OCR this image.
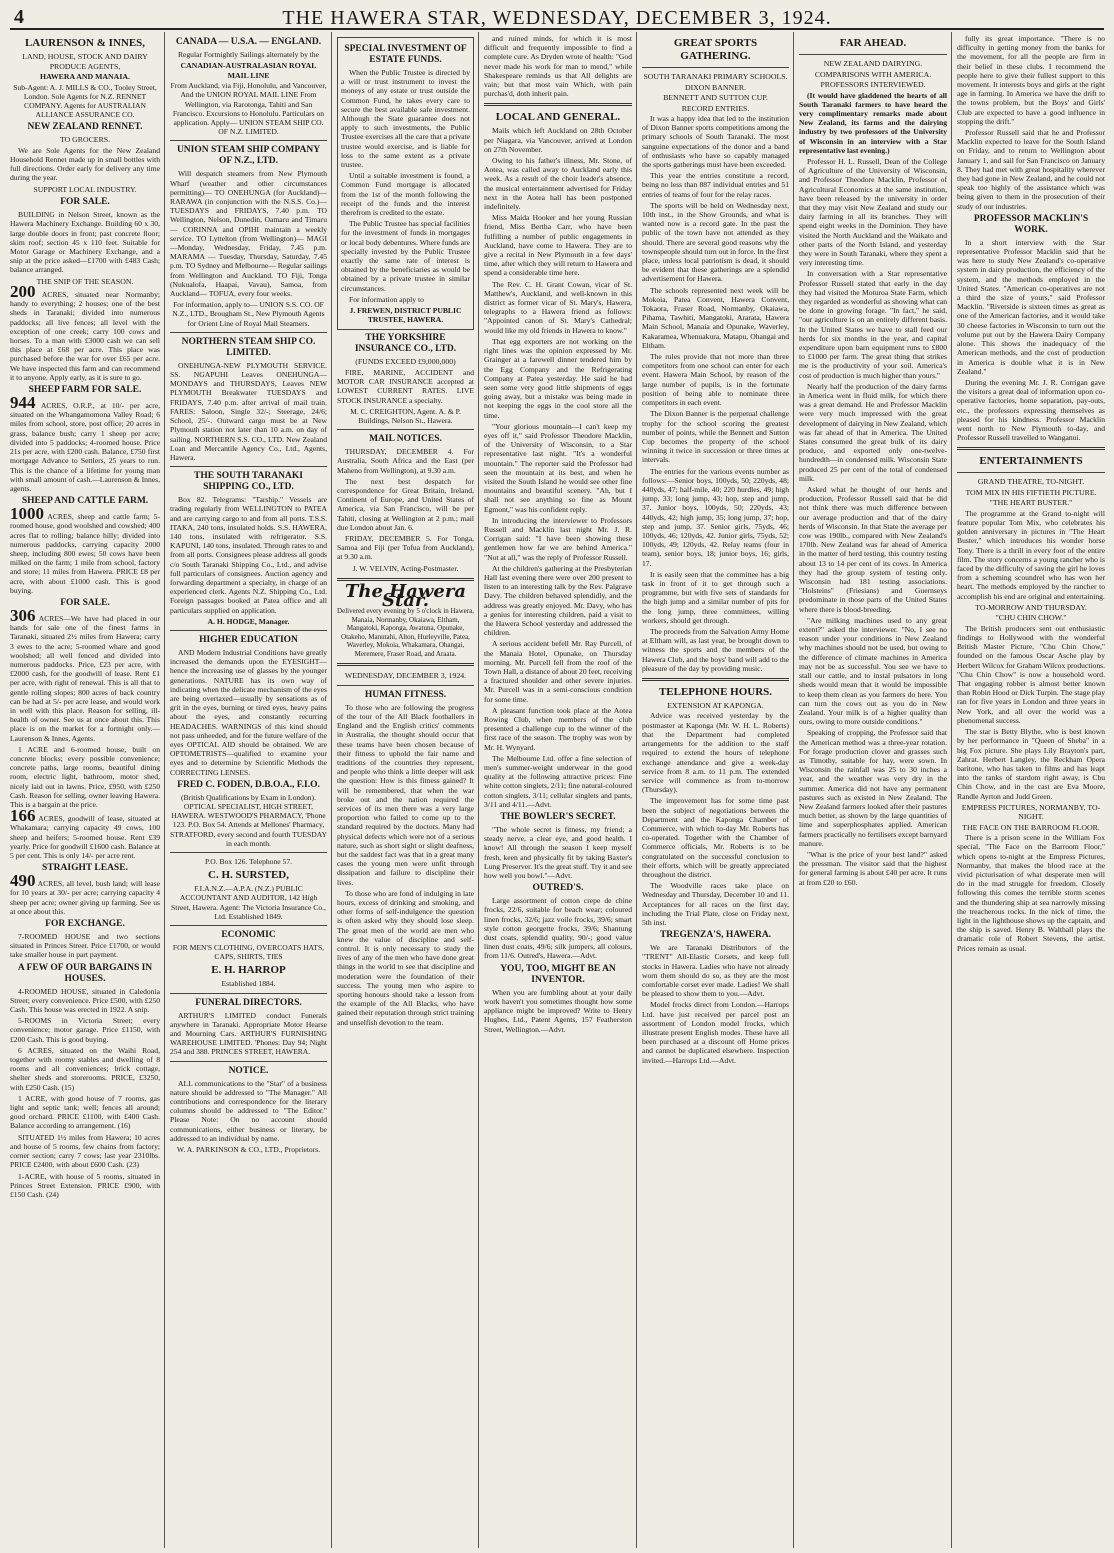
4	THE HAWERA STAR, WEDNESDAY, DECEMBER 3, 1924.
LAURENSON & INNES,
LAND, HOUSE, STOCK AND DAIRY PRODUCE AGENTS,
HAWERA AND MANAIA.

Sub-Agent: A. J. MILLS & CO., Tooley Street, London. Sole Agents for N.Z. RENNET COMPANY. Agents for AUSTRALIAN ALLIANCE ASSURANCE CO.

NEW ZEALAND RENNET.
TO GROCERS.

We are Sole Agents for the New Zealand Household Rennet made up in small bottles with full directions. Order early for delivery any time during the year.

SUPPORT LOCAL INDUSTRY.
FOR SALE.

BUILDING in Nelson Street, known as the Hawera Machinery Exchange. Building 60 x 30, large double doors in front; past concrete floor; skim roof; section 45 x 110 feet. Suitable for Motor Garage or Machinery Exchange, and a snip at the price asked—£1700 with £483 Cash; balance arranged.

THE SNIP OF THE SEASON.

200 ACRES, situated near Normanby; handy to everything; 2 houses; one of the best sheds in Taranaki; divided into numerous paddocks; all live fences; all level with the exception of one creek; carry 100 cows and horses. To a man with £3000 cash we can sell this place at £68 per acre. This place was purchased before the war for over £65 per acre. We have inspected this farm and can recommend it to anyone. Apply early, as it is sure to go.

SHEEP FARM FOR SALE.

944 ACRES, O.R.P., at 10/- per acre, situated on the Whangamomona Valley Road; 6 miles from school, store, post office; 20 acres in grass, balance bush; carry 1 sheep per acre; divided into 5 paddocks; 4-roomed house. Price 21s per acre, with £200 cash. Balance, £750 first mortgage Advance to Settlers, 25 years to run. This is the chance of a lifetime for young man with small amount of cash.—Laurenson & Innes, agents.

SHEEP AND CATTLE FARM.

1000 ACRES, sheep and cattle farm; 5-roomed house, good woolshed and cowshed; 400 acres flat to rolling; balance hilly; divided into numerous paddocks, carrying capacity 2000 sheep, including 800 ewes; 50 cows have been milked on the farm; 1 mile from school, factory and store; 11 miles from Hawera. PRICE £8 per acre, with about £1000 cash. This is good buying.

FOR SALE.

306 ACRES—We have had placed in our hands for sale one of the finest farms in Taranaki, situated 2½ miles from Hawera; carry 3 ewes to the acre; 5-roomed whare and good woolshed; all well fenced and divided into numerous paddocks. Price, £23 per acre, with £2000 cash, for the goodwill of lease. Rent £1 per acre, with right of renewal. This is all that to gentle rolling slopes; 800 acres of back country can be had at 5/- per acre lease, and would work in well with this place. Reason for selling, ill-health of owner. See us at once about this. This place is on the market for a fortnight only.—Laurenson & Innes, Agents.

1 ACRE and 6-roomed house, built on concrete blocks; every possible convenience; concrete paths, large rooms, beautiful dining room, electric light, bathroom, motor shed, nicely laid out in lawns. Price, £950, with £250 Cash. Reason for selling, owner leaving Hawera. This is a bargain at the price.

166 ACRES, goodwill of lease, situated at Whakamara; carrying capacity 49 cows, 100 sheep and heifers; 5-roomed house. Rent £39 yearly. Price for goodwill £1600 cash. Balance at 5 per cent. This is only 14/- per acre rent.

STRAIGHT LEASE.

490 ACRES, all level, bush land; will lease for 10 years at 30/- per acre; carrying capacity 4 sheep per acre; owner giving up farming. See us at once about this.

FOR EXCHANGE.

7-ROOMED HOUSE and two sections situated in Princes Street. Price £1700, or would take smaller house in part payment.

A FEW OF OUR BARGAINS IN HOUSES.

4-ROOMED HOUSE, situated in Caledonia Street; every convenience. Price £500, with £250 Cash. This house was erected in 1922. A snip.

5-ROOMS in Victoria Street; every convenience; motor garage. Price £1150, with £200 Cash. This is good buying.

6 ACRES, situated on the Waihi Road, together with roomy stables and dwelling of 8 rooms and all conveniences; brick cottage, shelter sheds and storerooms. PRICE, £3250, with £250 Cash. (15)

1 ACRE, with good house of 7 rooms, gas light and septic tank; well; fences all around; good orchard. PRICE £1100, with £400 Cash. Balance according to arrangement. (16)

SITUATED 1½ miles from Hawera; 10 acres and house of 5 rooms, few chains from factory; corner section; carry 7 cows; last year 2310lbs. PRICE £2400, with about £600 Cash. (23)

1-ACRE, with house of 5 rooms, situated in Princes Street Extension. PRICE £900, with £150 Cash. (24)

CANADA — U.S.A. — ENGLAND.

Regular Fortnightly Sailings alternately by the

CANADIAN-AUSTRALASIAN ROYAL MAIL LINE

From Auckland, via Fiji, Honolulu, and Vancouver, And the UNION ROYAL MAIL LINE From Wellington, via Rarotonga, Tahiti and San Francisco. Excursions to Honolulu. Particulars on application. Apply— UNION STEAM SHIP CO. OF N.Z. LIMITED.

UNION STEAM SHIP COMPANY OF N.Z., LTD.

Will despatch steamers from New Plymouth Wharf (weather and other circumstances permitting)— TO ONEHUNGA (for Auckland)— RARAWA (in conjunction with the N.S.S. Co.)— TUESDAYS and FRIDAYS, 7.40 p.m. TO Wellington, Nelson, Dunedin, Oamaru and Timaru— CORINNA and OPIHI maintain a weekly service. TO Lyttelton (from Wellington)— MAGI—Monday, Wednesday, Friday, 7.45 p.m. MARAMA — Tuesday, Thursday, Saturday, 7.45 p.m. TO Sydney and Melbourne— Regular sailings from Wellington and Auckland. TO Fiji, Tonga (Nukualofa, Haapai, Vavau), Samoa, from Auckland— TOFUA, every four weeks.

For information, apply to— UNION S.S. CO. OF N.Z., LTD., Brougham St., New Plymouth Agents for Orient Line of Royal Mail Steamers.

NORTHERN STEAM SHIP CO. LIMITED.

ONEHUNGA-NEW PLYMOUTH SERVICE. SS. NGAPUHI Leaves ONEHUNGA— MONDAYS and THURSDAYS, Leaves NEW PLYMOUTH Breakwater TUESDAYS and FRIDAYS, 7.40 p.m. after arrival of mail train. FARES: Saloon, Single 32/-; Steerage, 24/6; School, 25/-. Outward cargo must be at New Plymouth station not later than 10 a.m. on day of sailing. NORTHERN S.S. CO., LTD. New Zealand Loan and Mercantile Agency Co., Ltd., Agents, Hawera.

THE SOUTH TARANAKI SHIPPING CO., LTD.

Box 82. Telegrams: "Tarship." Vessels are trading regularly from WELLINGTON to PATEA and are carrying cargo to and from all ports. T.S.S. ITAKA, 240 tons, insulated holds. S.S. HAWERA, 140 tons, insulated with refrigerator. S.S. KAPUNI, 140 tons, insulated. Through rates to and from all ports. Consignees please address all goods c/o South Taranaki Shipping Co., Ltd., and advise full particulars of consignees. Auction agency and forwarding department a specialty, in charge of an experienced clerk. Agents N.Z. Shipping Co., Ltd. Foreign passages booked at Patea office and all particulars supplied on application.

A. H. HODGE, Manager.

HIGHER EDUCATION

AND Modern Industrial Conditions have greatly increased the demands upon the EYESIGHT—hence the increasing use of glasses by the younger generations. NATURE has its own way of indicating when the delicate mechanism of the eyes are being overtaxed—usually by sensations as of grit in the eyes, burning or tired eyes, heavy pains about the eyes, and constantly recurring HEADACHES. WARNINGS of this kind should not pass unheeded, and for the future welfare of the eyes OPTICAL AID should be obtained. We are OPTOMETRISTS—qualified to examine your eyes and to determine by Scientific Methods the CORRECTING LENSES.

FRED C. FODEN, D.B.O.A., F.I.O.

(British Qualifications by Exam in London). OPTICAL SPECIALIST, HIGH STREET, HAWERA. WESTWOOD'S PHARMACY, 'Phone 123. P.O. Box 54. Attends at Mellones' Pharmacy, STRATFORD, every second and fourth TUESDAY in each month.

P.O. Box 126. Telephone 57.

C. H. SURSTED,

F.I.A.N.Z.—A.P.A. (N.Z.) PUBLIC ACCOUNTANT AND AUDITOR, 142 High Street, Hawera. Agent: The Victoria Insurance Co., Ltd. Established 1849.

ECONOMIC

FOR MEN'S CLOTHING, OVERCOATS HATS, CAPS, SHIRTS, TIES

E. H. HARROP

Established 1884.

FUNERAL DIRECTORS.

ARTHUR'S LIMITED conduct Funerals anywhere in Taranaki. Appropriate Motor Hearse and Mourning Cars. ARTHUR'S FURNISHING WAREHOUSE LIMITED. 'Phones: Day 94; Night 254 and 388. PRINCES STREET, HAWERA.

NOTICE.

ALL communications to the "Star" of a business nature should be addressed to "The Manager." All contributions and correspondence for the literary columns should be addressed to "The Editor." Please Note: On no account should communications, either business or literary, be addressed to an individual by name.

W. A. PARKINSON & CO., LTD., Proprietors.

SPECIAL INVESTMENT OF ESTATE FUNDS.

When the Public Trustee is directed by a will or trust instrument to invest the moneys of any estate or trust outside the Common Fund, he takes every care to secure the best available safe investment. Although the State guarantee does not apply to such investments, the Public Trustee exercises all the care that a private trustee would exercise, and is liable for loss to the same extent as a private trustee.

Until a suitable investment is found, a Common Fund mortgage is allocated from the 1st of the month following the receipt of the funds and the interest therefrom is credited to the estate.

The Public Trustee has special facilities for the investment of funds in mortgages or local body debentures. Where funds are specially invested by the Public Trustee exactly the same rate of interest is obtained by the beneficiaries as would be obtained by a private trustee in similar circumstances.

For information apply to

J. FREWEN, DISTRICT PUBLIC TRUSTEE, HAWERA.

THE YORKSHIRE INSURANCE CO., LTD.
(FUNDS EXCEED £9,000,000)

FIRE, MARINE, ACCIDENT and MOTOR CAR INSURANCE accepted at LOWEST CURRENT RATES. LIVE STOCK INSURANCE a specialty.

M. C. CREIGHTON, Agent. A. & P. Buildings, Nelson St., Hawera.

MAIL NOTICES.

THURSDAY, DECEMBER 4. For Australia, South Africa and the East (per Maheno from Wellington), at 9.30 a.m.

The next best despatch for correspondence for Great Britain, Ireland, Continent of Europe, and United States of America, via San Francisco, will be per Tahiti, closing at Wellington at 2 p.m.; mail due London about Jan. 6.

FRIDAY, DECEMBER 5. For Tonga, Samoa and Fiji (per Tofua from Auckland), at 9.30 a.m.

J. W. VELVIN, Acting-Postmaster.

The Hawera Star.

Delivered every evening by 5 o'clock in Hawera, Manaia, Normanby, Okaiawa, Eltham, Mangatoki, Kaponga, Awatuna, Opunake, Otakeho, Manutahi, Alton, Hurleyville, Patea, Waverley, Mokoia, Whakamara, Ohangai, Meremere, Fraser Road, and Araata.

WEDNESDAY, DECEMBER 3, 1924.
HUMAN FITNESS.

To those who are following the progress of the tour of the All Black footballers in England and the English critics' comments in Australia, the thought should occur that these teams have been chosen because of their fitness to uphold the fair name and traditions of the countries they represent, and people who think a little deeper will ask the question: How is this fitness gained? It will be remembered, that when the war broke out and the nation required the services of its men there was a very large proportion who failed to come up to the standard required by the doctors. Many had physical defects which were not of a serious nature, such as short sight or slight deafness, but the saddest fact was that in a great many cases the young men were unfit through dissipation and failure to discipline their lives.

To those who are fond of indulging in late hours, excess of drinking and smoking, and other forms of self-indulgence the question is often asked why they should lose sleep. The great men of the world are men who knew the value of discipline and self-control. It is only necessary to study the lives of any of the men who have done great things in the world to see that discipline and moderation were the foundation of their success. The young men who aspire to sporting honours should take a lesson from the example of the All Blacks, who have gained their reputation through strict training and unselfish devotion to the team.

and ruined minds, for which it is most difficult and frequently impossible to find a complete cure. As Dryden wrote of health: "God never made his work for man to mend," while Shakespeare reminds us that All delights are vain; but that most vain Which, with pain purchas'd, doth inherit pain.

LOCAL AND GENERAL.

Mails which left Auckland on 28th October per Niagara, via Vancouver, arrived at London on 27th November.

Owing to his father's illness, Mr. Stone, of Aotea, was called away to Auckland early this week. As a result of the choir leader's absence, the musical entertainment advertised for Friday next in the Aotea hall has been postponed indefinitely.

Miss Maida Hooker and her young Russian friend, Miss Bertha Carr, who have been fulfilling a number of public engagements in Auckland, have come to Hawera. They are to give a recital in New Plymouth in a few days' time, after which they will return to Hawera and spend a considerable time here.

The Rev. C. H. Grant Cowan, vicar of St. Matthew's, Auckland, and well-known in this district as former vicar of St. Mary's, Hawera, telegraphs to a Hawera friend as follows: "Appointed canon of St. Mary's Cathedral; would like my old friends in Hawera to know."

That egg exporters are not working on the right lines was the opinion expressed by Mr. Grainger at a farewell dinner tendered him by the Egg Company and the Refrigerating Company at Patea yesterday. He said he had seen some very good little shipments of eggs going away, but a mistake was being made in not keeping the eggs in the cool store all the time.

"Your glorious mountain—I can't keep my eyes off it," said Professor Theodore Macklin, of the University of Wisconsin, to a Star representative last night. "It's a wonderful mountain." The reporter said the Professor had seen the mountain at its best, and when he visited the South Island he would see other fine mountains and beautiful scenery. "Ah, but I shall not see anything so fine as Mount Egmont," was his confident reply.

In introducing the interviewer to Professors Russell and Macklin last night Mr. J. R. Corrigan said: "I have been showing these gentlemen how far we are behind America." "Not at all," was the reply of Professor Russell.

At the children's gathering at the Presbyterian Hall last evening there were over 200 present to listen to an interesting talk by the Rev. Palgrave Davy. The children behaved splendidly, and the address was greatly enjoyed. Mr. Davy, who has a genius for interesting children, paid a visit to the Hawera School yesterday and addressed the children.

A serious accident befell Mr. Ray Purcell, of the Manaia Hotel, Opunake, on Thursday morning. Mr. Purcell fell from the roof of the Town Hall, a distance of about 20 feet, receiving a fractured shoulder and other severe injuries. Mr. Purcell was in a semi-conscious condition for some time.

A pleasant function took place at the Aotea Rowing Club, when members of the club presented a challenge cup to the winner of the first race of the season. The trophy was won by Mr. H. Wynyard.

The Melbourne Ltd. offer a fine selection of men's summer-weight underwear in the good quality at the following attractive prices: Fine white cotton singlets, 2/11; fine natural-coloured cotton singlets, 3/11; cellular singlets and pants, 3/11 and 4/11.—Advt.

THE BOWLER'S SECRET.

"The whole secret is fitness, my friend; a steady nerve, a clear eye, and good health. I know! All through the season I keep myself fresh, keen and physically fit by taking Baxter's Lung Preserver. It's the great stuff. Try it and see how well you bowl."—Advt.

OUTRED'S.

Large assortment of cotton crepe de chine frocks, 22/6, suitable for beach wear; coloured linen frocks, 32/6; jazz voile frocks, 39/6; smart style cotton georgette frocks, 39/6; Shantung dust coats, splendid quality, 90/-; good value linen dust coats, 49/6; silk jumpers, all colours, from 11/6. Outred's, Hawera.—Advt.

YOU, TOO, MIGHT BE AN INVENTOR.

When you are fumbling about at your daily work haven't you sometimes thought how some appliance might be improved? Write to Henry Hughes, Ltd., Patent Agents, 157 Featherston Street, Wellington.—Advt.

GREAT SPORTS GATHERING.
SOUTH TARANAKI PRIMARY SCHOOLS.
DIXON BANNER.
BENNETT AND SUTTON CUP.
RECORD ENTRIES.

It was a happy idea that led to the institution of Dixon Banner sports competitions among the primary schools of South Taranaki. The most sanguine expectations of the donor and a band of enthusiasts who have so capably managed the sports gatherings must have been exceeded.

This year the entries constitute a record, being no less than 887 individual entries and 51 entries of teams of four for the relay races.

The sports will be held on Wednesday next, 10th inst., in the Show Grounds, and what is wanted now is a record gate. In the past the public of the town have not attended as they should. There are several good reasons why the townspeople should turn out in force. In the first place, unless local patriotism is dead, it should be evident that these gatherings are a splendid advertisement for Hawera.

The schools represented next week will be Mokoia, Patea Convent, Hawera Convent, Tokaora, Fraser Road, Normanby, Okaiawa, Pihama, Tawhiti, Mangatoki, Ararata, Hawera Main School, Manaia and Opunake, Waverley, Kakaramea, Whenuakura, Matapu, Ohangai and Eltham.

The rules provide that not more than three competitors from one school can enter for each event. Hawera Main School, by reason of the large number of pupils, is in the fortunate position of being able to nominate three competitors in each event.

The Dixon Banner is the perpetual challenge trophy for the school scoring the greatest number of points, while the Bennett and Sutton Cup becomes the property of the school winning it twice in succession or three times at intervals.

The entries for the various events number as follows:—Senior boys, 100yds, 50; 220yds, 48; 440yds, 47; half-mile, 40; 220 hurdles, 49; high jump, 33; long jump, 43; hop, step and jump, 37. Junior boys, 100yds, 50; 220yds, 43; 440yds, 42; high jump, 35; long jump, 37; hop, step and jump, 37. Senior girls, 75yds, 46; 100yds, 46; 120yds, 42. Junior girls, 75yds, 52; 100yds, 49; 120yds, 42. Relay teams (four in team), senior boys, 18; junior boys, 16; girls, 17.

It is easily seen that the committee has a big task in front of it to get through such a programme, but with five sets of standards for the high jump and a similar number of pits for the long jump, three committees, willing workers, should get through.

The proceeds from the Salvation Army Home at Eltham will, as last year, be brought down to witness the sports and the members of the Hawera Club, and the boys' band will add to the pleasure of the day by providing music.

TELEPHONE HOURS.
EXTENSION AT KAPONGA.

Advice was received yesterday by the postmaster at Kaponga (Mr. W. H. L. Roberts) that the Department had completed arrangements for the addition to the staff required to extend the hours of telephone exchange attendance and give a week-day service from 8 a.m. to 11 p.m. The extended service will commence as from to-morrow (Thursday).

The improvement has for some time past been the subject of negotiations between the Department and the Kaponga Chamber of Commerce, with which to-day Mr. Roberts has co-operated. Together with the Chamber of Commerce officials, Mr. Roberts is to be congratulated on the successful conclusion to their efforts, which will be greatly appreciated throughout the district.

The Woodville races take place on Wednesday and Thursday, December 10 and 11. Acceptances for all races on the first day, including the Trial Plate, close on Friday next, 5th inst.

TREGENZA'S, HAWERA.

We are Taranaki Distributors of the "TRENT" All-Elastic Corsets, and keep full stocks in Hawera. Ladies who have not already worn them should do so, as they are the most comfortable corset ever made. Ladies! We shall be pleased to show them to you.—Advt.

Model frocks direct from London.—Harrops Ltd. have just received per parcel post an assortment of London model frocks, which illustrate present English modes. These have all been purchased at a discount off Home prices and cannot be duplicated elsewhere. Inspection invited.—Harrops Ltd.—Advt.

FAR AHEAD.
NEW ZEALAND DAIRYING.
COMPARISONS WITH AMERICA.
PROFESSORS INTERVIEWED.

(It would have gladdened the hearts of all South Taranaki farmers to have heard the very complimentary remarks made about New Zealand, its farms and the dairying industry by two professors of the University of Wisconsin in an interview with a Star representative last evening.)

Professor H. L. Russell, Dean of the College of Agriculture of the University of Wisconsin, and Professor Theodore Macklin, Professor of Agricultural Economics at the same institution, have been released by the university in order that they may visit New Zealand and study our dairy farming in all its branches. They will spend eight weeks in the Dominion. They have visited the North Auckland and the Waikato and other parts of the North Island, and yesterday they were in South Taranaki, where they spent a very interesting time.

In conversation with a Star representative Professor Russell stated that early in the day they had visited the Moturoa State Farm, which they regarded as wonderful as showing what can be done in growing forage. "In fact," he said, "our agriculture is on an entirely different basis. In the United States we have to stall feed our herds for six months in the year, and capital expenditure upon barn equipment runs to £800 to £1000 per farm. The great thing that strikes me is the productivity of your soil. America's cost of production is much higher than yours."

Nearly half the production of the dairy farms in America went in fluid milk, for which there was a great demand. He and Professor Macklin were very much impressed with the great development of dairying in New Zealand, which was far ahead of that in America. The United States consumed the great bulk of its dairy produce, and exported only one-twelve-hundredth—in condensed milk. Wisconsin State produced 25 per cent of the total of condensed milk.

Asked what he thought of our herds and production, Professor Russell said that he did not think there was much difference between our average production and that of the dairy herds of Wisconsin. In that State the average per cow was 190lb., compared with New Zealand's 170lb. New Zealand was far ahead of America in the matter of herd testing, this country testing about 13 to 14 per cent of its cows. In America they had the group system of testing only. Wisconsin had 181 testing associations. "Holsteins" (Friesians) and Guernseys predominate in those parts of the United States where there is blood-breeding.

"Are milking machines used to any great extent?" asked the interviewer. "No, I see no reason under your conditions in New Zealand why machines should not be used, but owing to the difference of climate machines in America may not be as successful. You see we have to stall our cattle, and to instal pulsators in long sheds would mean that it would be impossible to keep them clean as you farmers do here. You can turn the cows out as you do in New Zealand. Your milk is of a higher quality than ours, owing to more outside conditions."

Speaking of cropping, the Professor said that the American method was a three-year rotation. For forage production clover and grasses such as Timothy, suitable for hay, were sown. In Wisconsin the rainfall was 25 to 30 inches a year, and the weather was very dry in the summer. America did not have any permanent pastures such as existed in New Zealand. The New Zealand farmers looked after their pastures much better, as shown by the large quantities of lime and superphosphates applied. American farmers practically no fertilisers except barnyard manure.

"What is the price of your best land?" asked the pressman. The visitor said that the highest for general farming is about £40 per acre. It runs at from £20 to £60.

fully its great importance. "There is no difficulty in getting money from the banks for the movement, for all the people are firm in their belief in these clubs. I recommend the people here to give their fullest support to this movement. It interests boys and girls at the right age in farming. In America we have the drift to the towns problem, but the Boys' and Girls' Club are expected to have a good influence in stopping the drift."

Professor Russell said that he and Professor Macklin expected to leave for the South Island on Friday, and to return to Wellington about January 1, and sail for San Francisco on January 8. They had met with great hospitality wherever they had gone in New Zealand, and he could not speak too highly of the assistance which was being given to them in the prosecution of their study of our industries.

PROFESSOR MACKLIN'S WORK.

In a short interview with the Star representative Professor Macklin said that he was here to study New Zealand's co-operative system in dairy production, the efficiency of the system, and the methods employed in the United States. "American co-operatives are not a third the size of yours," said Professor Macklin. "Riverside is sixteen times as great as one of the American factories, and it would take 30 cheese factories in Wisconsin to turn out the volume put out by the Hawera Dairy Company alone. This shows the inadequacy of the American methods, and the cost of production in America is double what it is in New Zealand."

During the evening Mr. J. R. Corrigan gave the visitors a great deal of information upon co-operative factories, home separation, pay-outs, etc., the professors expressing themselves as pleased for his kindness. Professor Macklin went north to New Plymouth to-day, and Professor Russell travelled to Wanganui.

ENTERTAINMENTS
GRAND THEATRE, TO-NIGHT.
TOM MIX IN HIS FIFTIETH PICTURE.
"THE HEART BUSTER."

The programme at the Grand to-night will feature popular Tom Mix, who celebrates his golden anniversary in pictures in "The Heart Buster," which introduces his wonder horse Tony. There is a thrill in every foot of the entire film. The story concerns a young rancher who is faced by the difficulty of saving the girl he loves from a scheming scoundrel who has won her heart. The methods employed by the rancher to accomplish his end are original and entertaining.

TO-MORROW AND THURSDAY.
"CHU CHIN CHOW."

The British producers sent out enthusiastic findings to Hollywood with the wonderful British Master Picture, "Chu Chin Chow," founded on the famous Oscar Asche play by Herbert Wilcox for Graham Wilcox productions. "Chu Chin Chow" is now a household word. That engaging robber is almost better known than Robin Hood or Dick Turpin. The stage play ran for five years in London and three years in New York, and all over the world was a phenomenal success.

The star is Betty Blythe, who is best known by her performance in "Queen of Sheba" in a big Fox picture. She plays Lily Brayton's part, Zahrat. Herbert Langley, the Reckham Opera baritone, who has taken to films and has leapt into the ranks of stardom right away, is Chu Chin Chow, and in the cast are Eva Moore, Randle Ayrton and Judd Green.

EMPRESS PICTURES, NORMANBY, TO-NIGHT.
THE FACE ON THE BARROOM FLOOR.

There is a prison scene in the William Fox special, "The Face on the Barroom Floor," which opens to-night at the Empress Pictures, Normanby, that makes the blood race at the vivid picturisation of what desperate men will do in the mad struggle for freedom. Closely following this comes the terrible storm scenes and the thundering ship at sea narrowly missing the treacherous rocks. In the nick of time, the light in the lighthouse shows up the captain, and the ship is saved. Henry B. Walthall plays the dramatic role of Robert Stevens, the artist. Prices remain as usual.
